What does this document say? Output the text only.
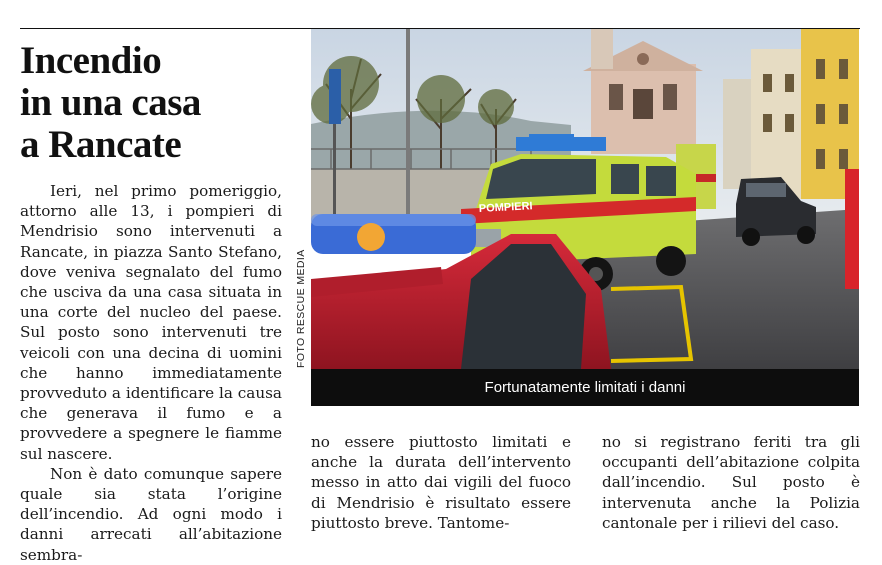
Incendio
in una casa
a Rancate

Ieri, nel primo pomeriggio, attorno alle 13, i pompieri di Mendrisio sono intervenuti a Rancate, in piazza Santo Stefano, dove veniva segnalato del fumo che usciva da una casa situata in una corte del nucleo del paese. Sul posto sono intervenuti tre veicoli con una decina di uomini che hanno immediatamente provveduto a identificare la causa che generava il fumo e a provvedere a spegnere le fiamme sul nascere.

Non è dato comunque sapere quale sia stata l’origine dell’incendio. Ad ogni modo i danni arrecati all’abitazione sembra-

FOTO RESCUE MEDIA
POMPIERI
Fortunatamente limitati i danni

no essere piuttosto limitati e anche la durata dell’intervento messo in atto dai vigili del fuoco di Mendrisio è risultato essere piuttosto breve. Tantome-

no si registrano feriti tra gli occupanti dell’abitazione colpita dall’incendio. Sul posto è intervenuta anche la Polizia cantonale per i rilievi del caso.
